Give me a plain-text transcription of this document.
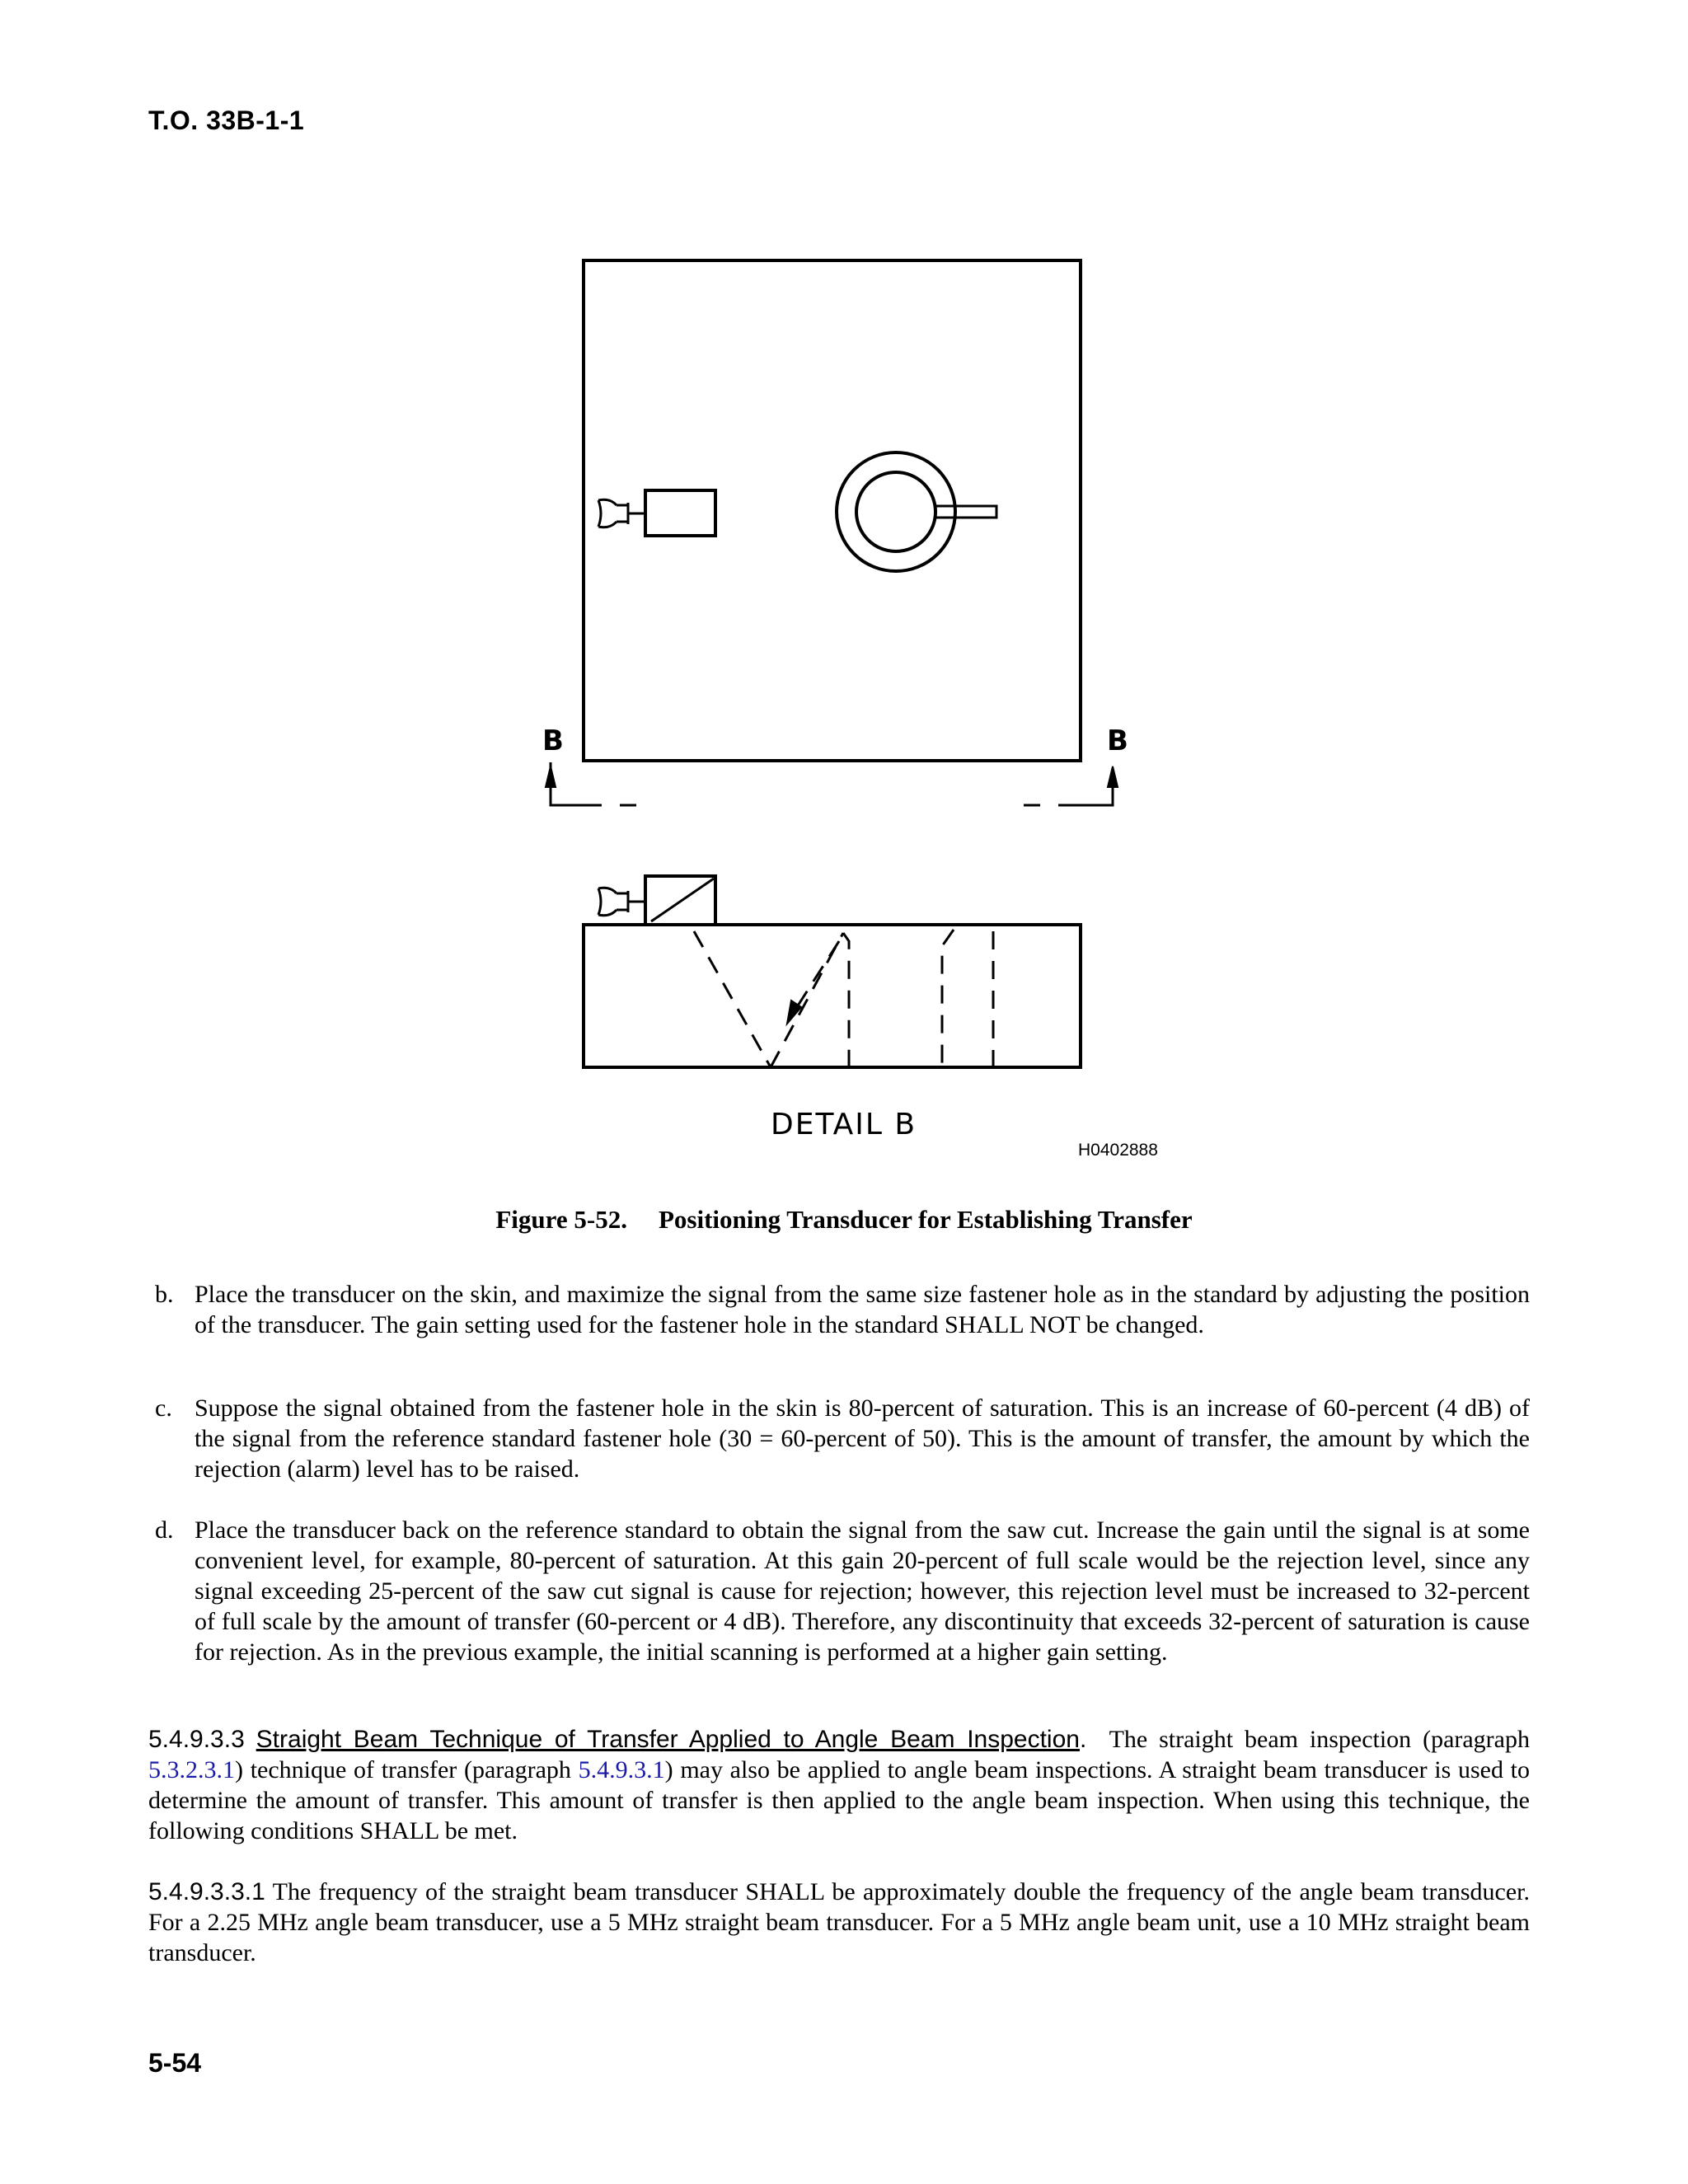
T.O. 33B-1-1
B	B
DETAIL B
H0402888
Figure 5-52. Positioning Transducer for Establishing Transfer
b. Place the transducer on the skin, and maximize the signal from the same size fastener hole as in the standard by adjusting the position of the transducer. The gain setting used for the fastener hole in the standard SHALL NOT be changed.
c. Suppose the signal obtained from the fastener hole in the skin is 80-percent of saturation. This is an increase of 60-percent (4 dB) of the signal from the reference standard fastener hole (30 = 60-percent of 50). This is the amount of transfer, the amount by which the rejection (alarm) level has to be raised.
d. Place the transducer back on the reference standard to obtain the signal from the saw cut. Increase the gain until the signal is at some convenient level, for example, 80-percent of saturation. At this gain 20-percent of full scale would be the rejection level, since any signal exceeding 25-percent of the saw cut signal is cause for rejection; however, this rejection level must be increased to 32-percent of full scale by the amount of transfer (60-percent or 4 dB). Therefore, any discontinuity that exceeds 32-percent of saturation is cause for rejection. As in the previous example, the initial scanning is performed at a higher gain setting.
5.4.9.3.3 Straight Beam Technique of Transfer Applied to Angle Beam Inspection. The straight beam inspection (paragraph 5.3.2.3.1) technique of transfer (paragraph 5.4.9.3.1) may also be applied to angle beam inspections. A straight beam transducer is used to determine the amount of transfer. This amount of transfer is then applied to the angle beam inspection. When using this technique, the following conditions SHALL be met.
5.4.9.3.3.1 The frequency of the straight beam transducer SHALL be approximately double the frequency of the angle beam transducer. For a 2.25 MHz angle beam transducer, use a 5 MHz straight beam transducer. For a 5 MHz angle beam unit, use a 10 MHz straight beam transducer.
5-54
